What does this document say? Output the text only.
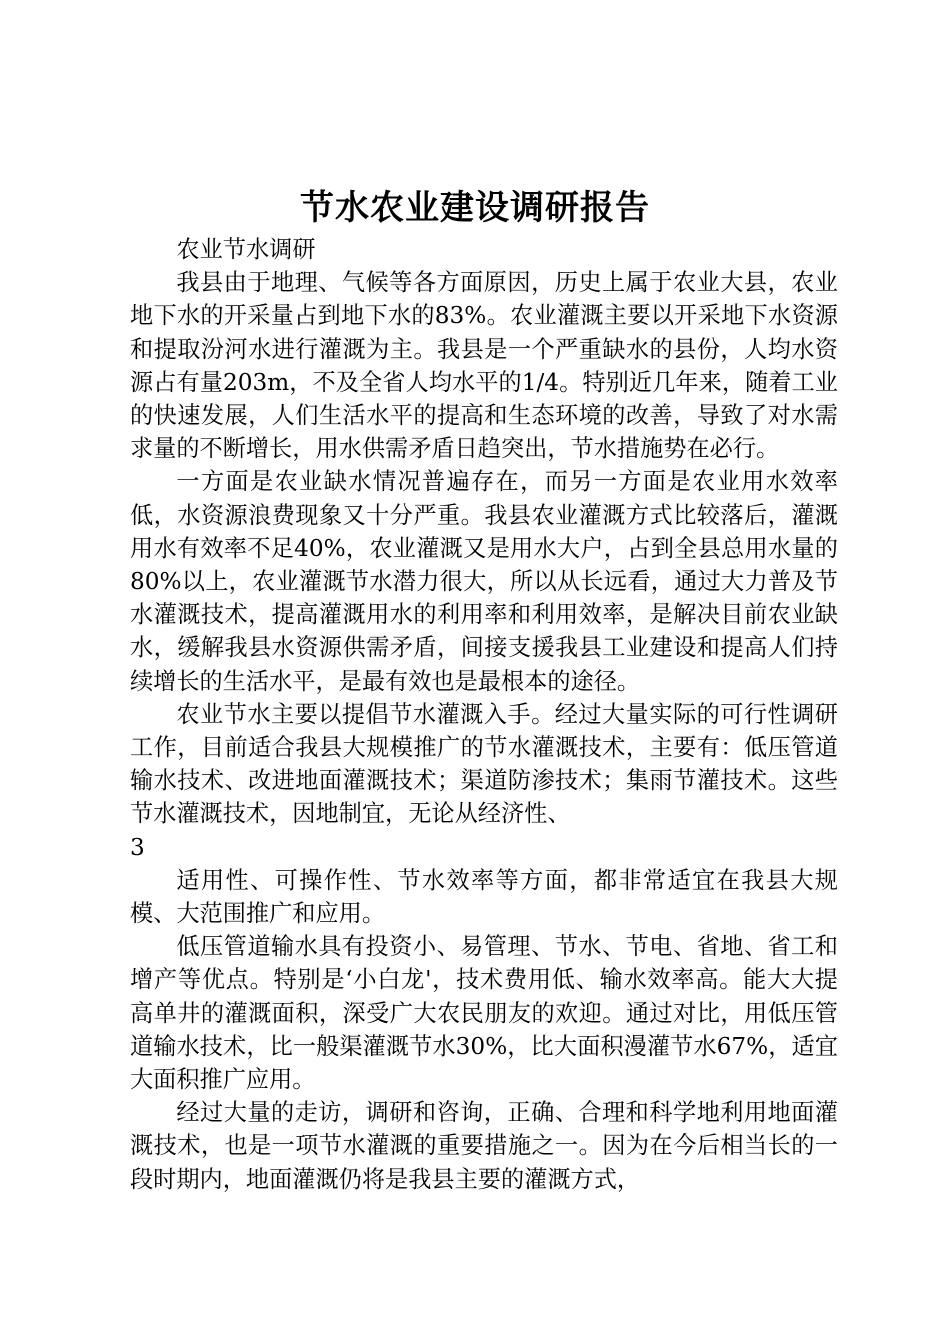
节水农业建设调研报告

农业节水调研

我县由于地理、气候等各方面原因，历史上属于农业大县，农业地下水的开采量占到地下水的83%。农业灌溉主要以开采地下水资源和提取汾河水进行灌溉为主。我县是一个严重缺水的县份，人均水资源占有量203m，不及全省人均水平的1/4。特别近几年来，随着工业的快速发展，人们生活水平的提高和生态环境的改善，导致了对水需求量的不断增长，用水供需矛盾日趋突出，节水措施势在必行。

一方面是农业缺水情况普遍存在，而另一方面是农业用水效率低，水资源浪费现象又十分严重。我县农业灌溉方式比较落后，灌溉用水有效率不足40%，农业灌溉又是用水大户，占到全县总用水量的80%以上，农业灌溉节水潜力很大，所以从长远看，通过大力普及节水灌溉技术，提高灌溉用水的利用率和利用效率，是解决目前农业缺水，缓解我县水资源供需矛盾，间接支援我县工业建设和提高人们持续增长的生活水平，是最有效也是最根本的途径。

农业节水主要以提倡节水灌溉入手。经过大量实际的可行性调研工作，目前适合我县大规模推广的节水灌溉技术，主要有：低压管道输水技术、改进地面灌溉技术；渠道防渗技术；集雨节灌技术。这些节水灌溉技术，因地制宜，无论从经济性、

3

适用性、可操作性、节水效率等方面，都非常适宜在我县大规模、大范围推广和应用。

低压管道输水具有投资小、易管理、节水、节电、省地、省工和增产等优点。特别是‘小白龙'，技术费用低、输水效率高。能大大提高单井的灌溉面积，深受广大农民朋友的欢迎。通过对比，用低压管道输水技术，比一般渠灌溉节水30%，比大面积漫灌节水67%，适宜大面积推广应用。

经过大量的走访，调研和咨询，正确、合理和科学地利用地面灌溉技术，也是一项节水灌溉的重要措施之一。因为在今后相当长的一段时期内，地面灌溉仍将是我县主要的灌溉方式，
